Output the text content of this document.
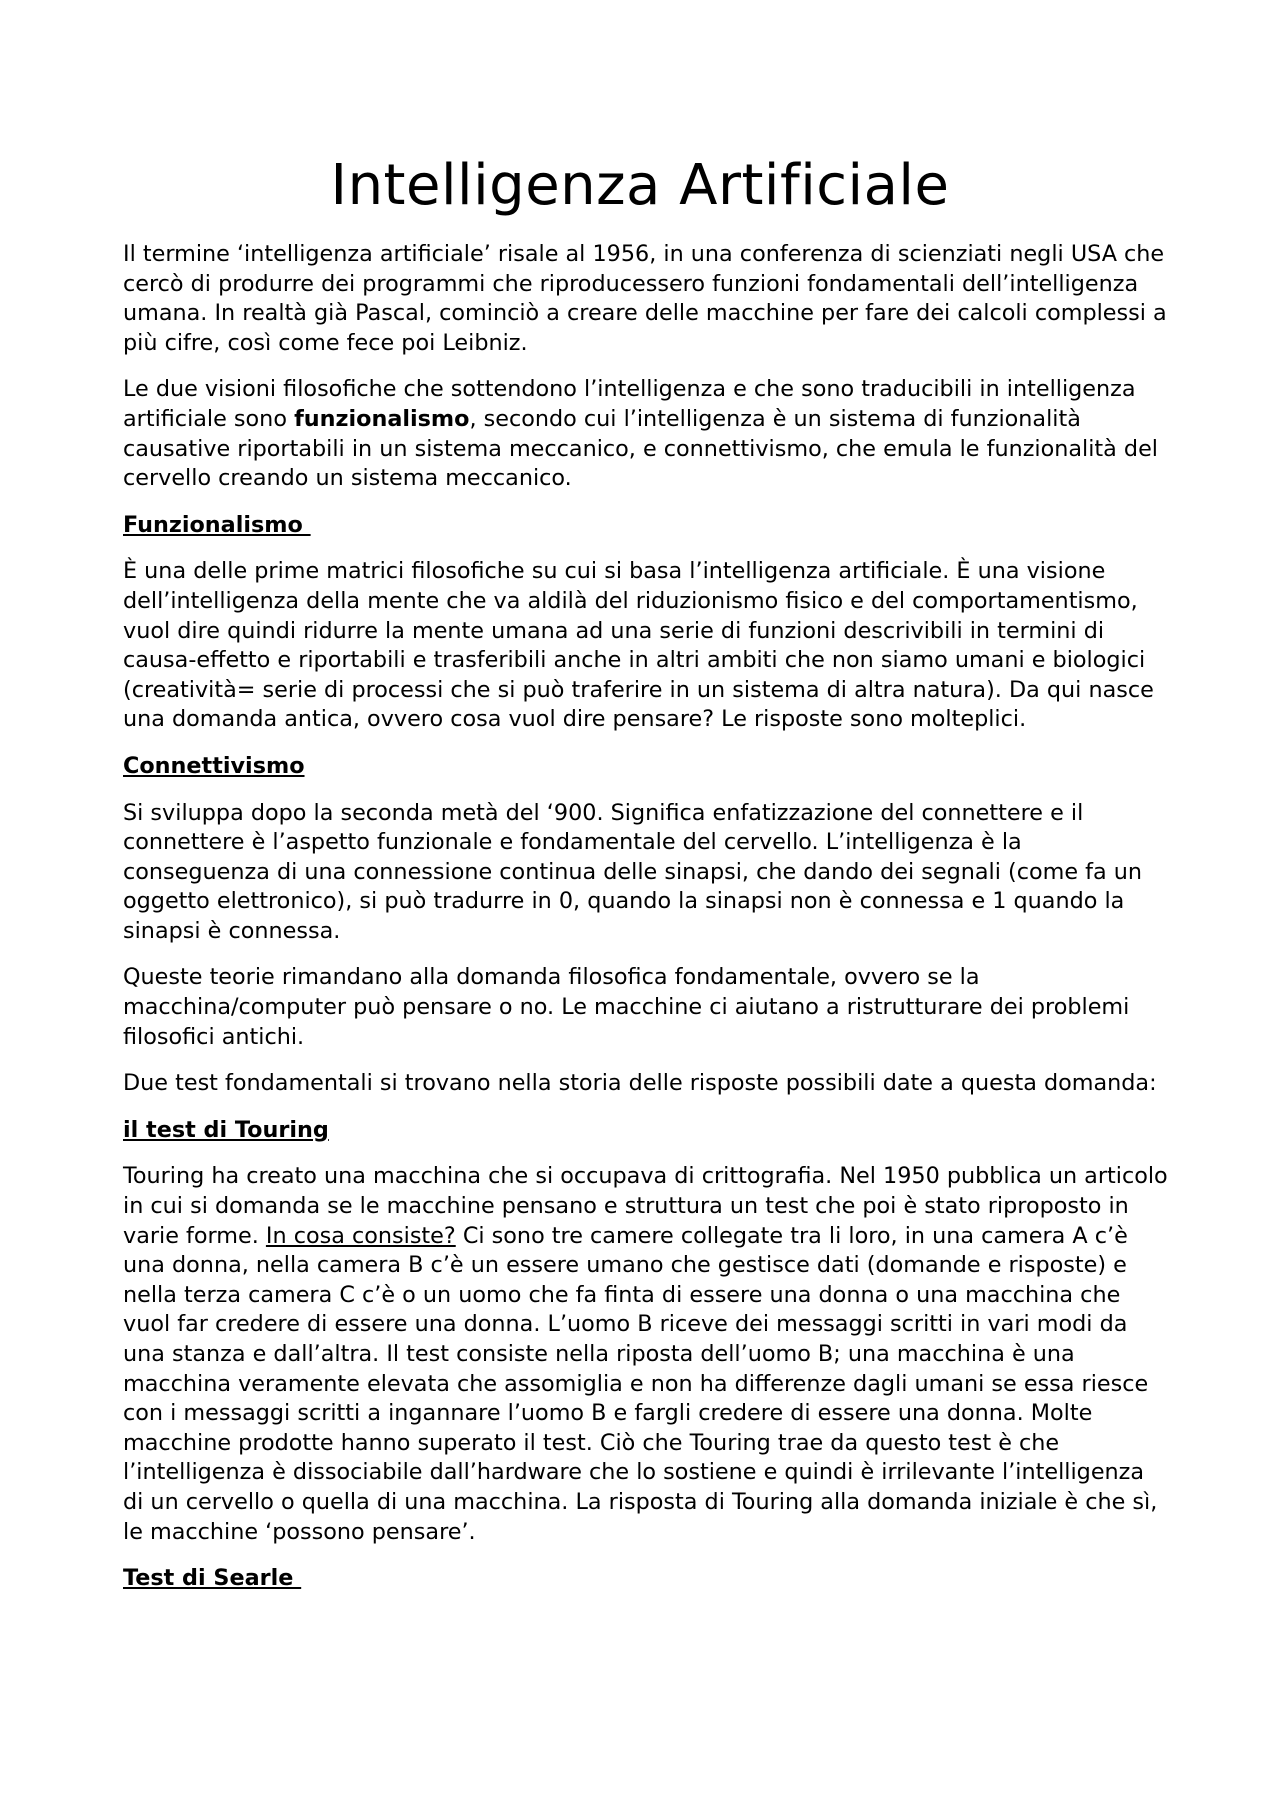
Intelligenza Artificiale

Il termine ‘intelligenza artificiale’ risale al 1956, in una conferenza di scienziati negli USA che cercò di produrre dei programmi che riproducessero funzioni fondamentali dell’intelligenza umana. In realtà già Pascal, cominciò a creare delle macchine per fare dei calcoli complessi a più cifre, così come fece poi Leibniz.

Le due visioni filosofiche che sottendono l’intelligenza e che sono traducibili in intelligenza artificiale sono funzionalismo, secondo cui l’intelligenza è un sistema di funzionalità causative riportabili in un sistema meccanico, e connettivismo, che emula le funzionalità del cervello creando un sistema meccanico.

Funzionalismo

È una delle prime matrici filosofiche su cui si basa l’intelligenza artificiale. È una visione dell’intelligenza della mente che va aldilà del riduzionismo fisico e del comportamentismo, vuol dire quindi ridurre la mente umana ad una serie di funzioni descrivibili in termini di causa-effetto e riportabili e trasferibili anche in altri ambiti che non siamo umani e biologici (creatività= serie di processi che si può traferire in un sistema di altra natura). Da qui nasce una domanda antica, ovvero cosa vuol dire pensare? Le risposte sono molteplici.

Connettivismo

Si sviluppa dopo la seconda metà del ‘900. Significa enfatizzazione del connettere e il connettere è l’aspetto funzionale e fondamentale del cervello. L’intelligenza è la conseguenza di una connessione continua delle sinapsi, che dando dei segnali (come fa un oggetto elettronico), si può tradurre in 0, quando la sinapsi non è connessa e 1 quando la sinapsi è connessa.

Queste teorie rimandano alla domanda filosofica fondamentale, ovvero se la macchina/computer può pensare o no. Le macchine ci aiutano a ristrutturare dei problemi filosofici antichi.

Due test fondamentali si trovano nella storia delle risposte possibili date a questa domanda:

il test di Touring

Touring ha creato una macchina che si occupava di crittografia. Nel 1950 pubblica un articolo in cui si domanda se le macchine pensano e struttura un test che poi è stato riproposto in varie forme. In cosa consiste? Ci sono tre camere collegate tra li loro, in una camera A c’è una donna, nella camera B c’è un essere umano che gestisce dati (domande e risposte) e nella terza camera C c’è o un uomo che fa finta di essere una donna o una macchina che vuol far credere di essere una donna. L’uomo B riceve dei messaggi scritti in vari modi da una stanza e dall’altra. Il test consiste nella riposta dell’uomo B; una macchina è una macchina veramente elevata che assomiglia e non ha differenze dagli umani se essa riesce con i messaggi scritti a ingannare l’uomo B e fargli credere di essere una donna. Molte macchine prodotte hanno superato il test. Ciò che Touring trae da questo test è che l’intelligenza è dissociabile dall’hardware che lo sostiene e quindi è irrilevante l’intelligenza di un cervello o quella di una macchina. La risposta di Touring alla domanda iniziale è che sì, le macchine ‘possono pensare’.

Test di Searle
